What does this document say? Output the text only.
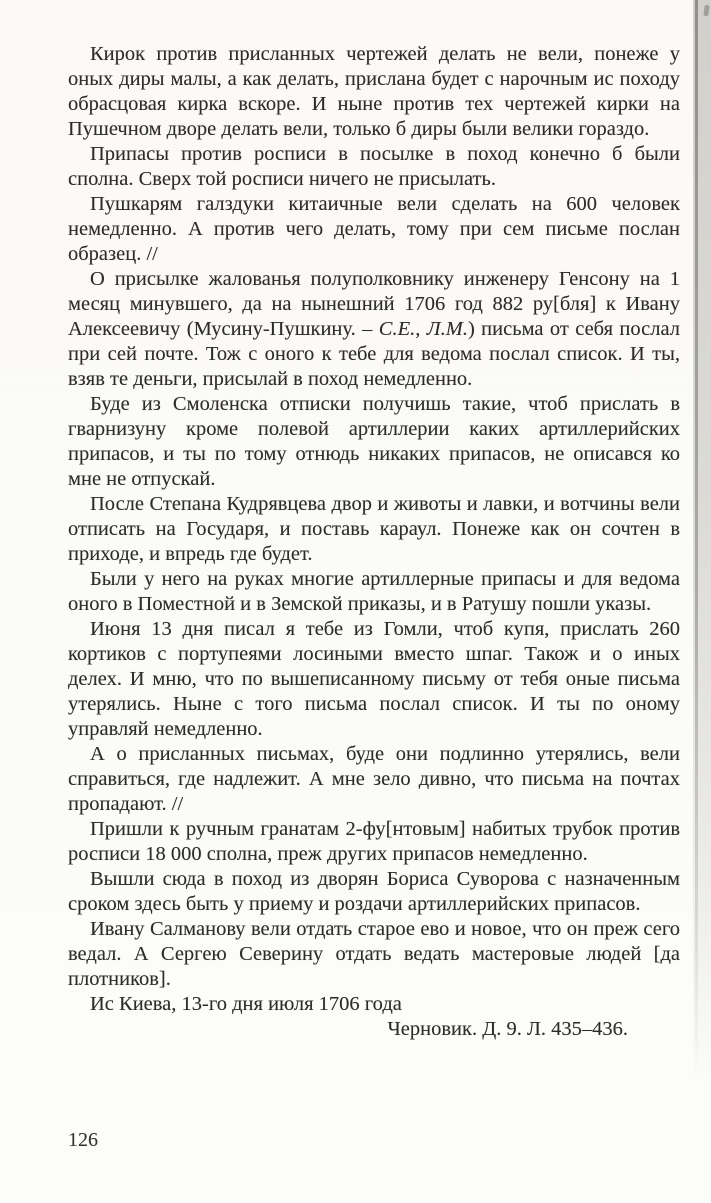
Кирок против присланных чертежей делать не вели, понеже у оных диры малы, а как делать, прислана будет с нарочным ис походу обрасцовая кирка вскоре. И ныне против тех чертежей кирки на Пушечном дворе делать вели, только б диры были велики гораздо.

Припасы против росписи в посылке в поход конечно б были сполна. Сверх той росписи ничего не присылать.

Пушкарям галздуки китаичные вели сделать на 600 человек немедленно. А против чего делать, тому при сем письме послан образец. //

О присылке жалованья полуполковнику инженеру Генсону на 1 месяц минувшего, да на нынешний 1706 год 882 ру[бля] к Ивану Алексеевичу (Мусину-Пушкину. – С.Е., Л.М.) письма от себя послал при сей почте. Тож с оного к тебе для ведома послал список. И ты, взяв те деньги, присылай в поход немедленно.

Буде из Смоленска отписки получишь такие, чтоб прислать в гварнизуну кроме полевой артиллерии каких артиллерийских припасов, и ты по тому отнюдь никаких припасов, не описався ко мне не отпускай.

После Степана Кудрявцева двор и животы и лавки, и вотчины вели отписать на Государя, и поставь караул. Понеже как он сочтен в приходе, и впредь где будет.

Были у него на руках многие артиллерные припасы и для ведома оного в Поместной и в Земской приказы, и в Ратушу пошли указы.

Июня 13 дня писал я тебе из Гомли, чтоб купя, прислать 260 кортиков с портупеями лосиными вместо шпаг. Також и о иных делех. И мню, что по вышеписанному письму от тебя оные письма утерялись. Ныне с того письма послал список. И ты по оному управляй немедленно.

А о присланных письмах, буде они подлинно утерялись, вели справиться, где надлежит. А мне зело дивно, что письма на почтах пропадают. //

Пришли к ручным гранатам 2-фу[нтовым] набитых трубок против росписи 18 000 сполна, преж других припасов немедленно.

Вышли сюда в поход из дворян Бориса Суворова с назначенным сроком здесь быть у приему и роздачи артиллерийских припасов.

Ивану Салманову вели отдать старое ево и новое, что он преж сего ведал. А Сергею Северину отдать ведать мастеровые людей [да плотников].

Ис Киева, 13-го дня июля 1706 года

Черновик. Д. 9. Л. 435–436.

126
